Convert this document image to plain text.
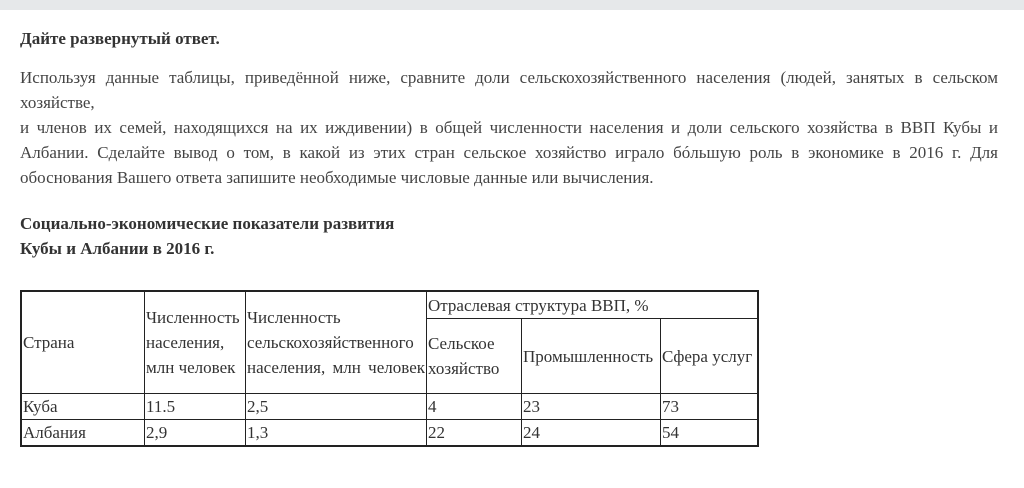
Дайте развернутый ответ.

Используя данные таблицы, приведённой ниже, сравните доли сельскохозяйственного населения (людей, занятых в сельском хозяйстве,
и членов их семей, находящихся на их иждивении) в общей численности населения и доли сельского хозяйства в ВВП Кубы и Албании. Сделайте вывод о том, в какой из этих стран сельское хозяйство играло бóльшую роль в экономике в 2016 г. Для обоснования Вашего ответа запишите необходимые числовые данные или вычисления.

Социально-экономические показатели развития
Кубы и Албании в 2016 г.
Страна	Численность населения, млн человек	Численность сельскохозяйственного населения, млн человек	Отраслевая структура ВВП, %		
			Сельское хозяйство	Промышленность	Сфера услуг
Куба	11.5	2,5	4	23	73
Албания	2,9	1,3	22	24	54
